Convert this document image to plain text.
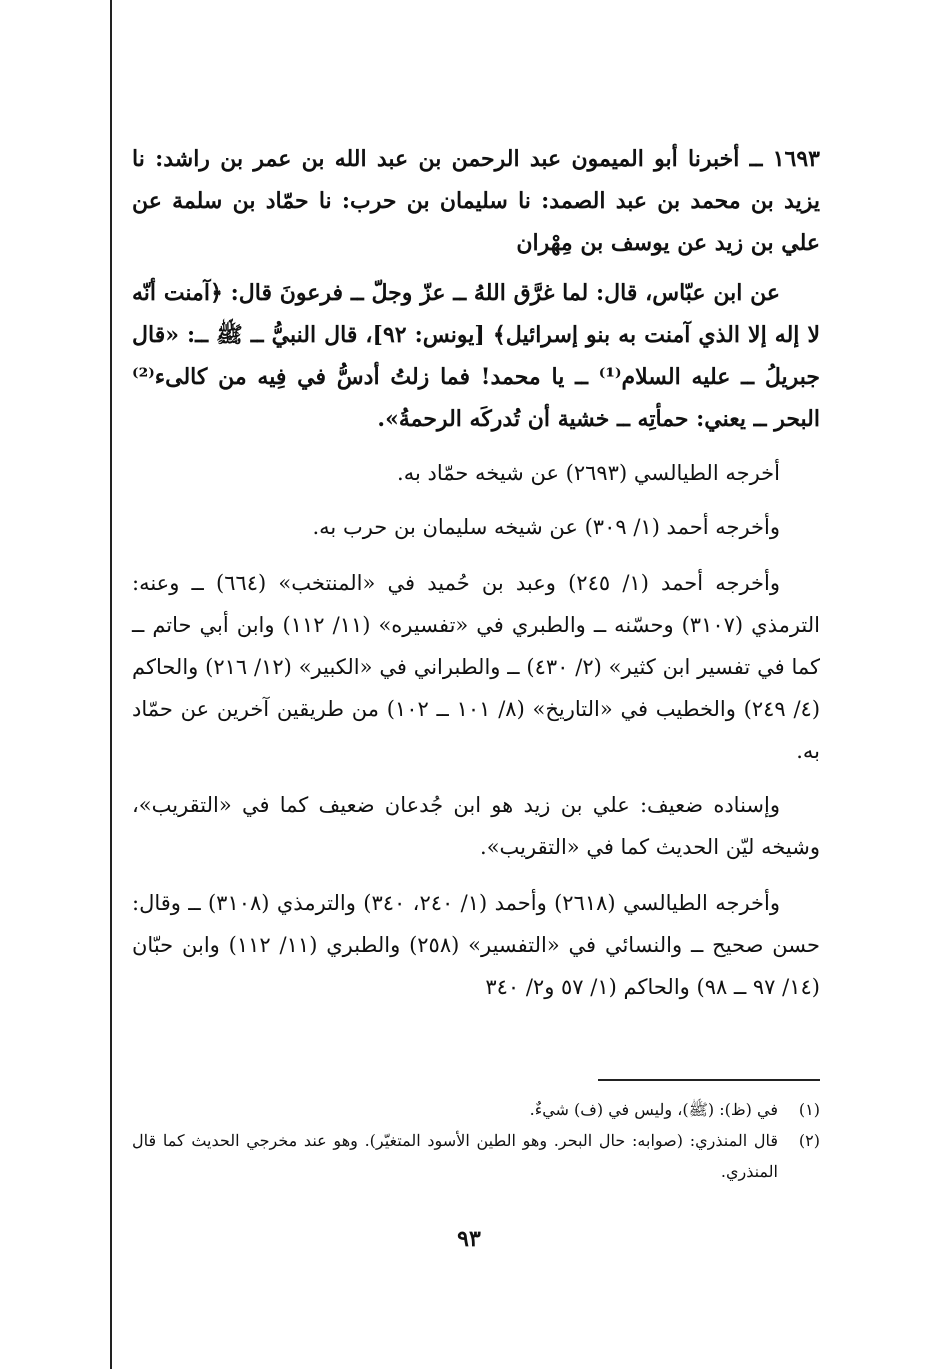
١٦٩٣ ــ أخبرنا أبو الميمون عبد الرحمن بن عبد الله بن عمر بن راشد: نا يزيد بن محمد بن عبد الصمد: نا سليمان بن حرب: نا حمّاد بن سلمة عن علي بن زيد عن يوسف بن مِهْران

عن ابن عبّاس، قال: لما غرَّق اللهُ ــ عزّ وجلّ ــ فرعونَ قال: ﴿آمنت أنّه لا إله إلا الذي آمنت به بنو إسرائيل﴾ [يونس: ٩٢]، قال النبيُّ ــ ﷺ ــ: «قال جبريلُ ــ عليه السلام⁽¹⁾ ــ يا محمد! فما زلتُ أدسُّ في فِيه من كالىء⁽²⁾ البحر ــ يعني: حمأتِه ــ خشية أن تُدركَه الرحمةُ».

أخرجه الطيالسي (٢٦٩٣) عن شيخه حمّاد به.

وأخرجه أحمد (١/ ٣٠٩) عن شيخه سليمان بن حرب به.

وأخرجه أحمد (١/ ٢٤٥) وعبد بن حُميد في «المنتخب» (٦٦٤) ــ وعنه: الترمذي (٣١٠٧) وحسّنه ــ والطبري في «تفسيره» (١١/ ١١٢) وابن أبي حاتم ــ كما في تفسير ابن كثير» (٢/ ٤٣٠) ــ والطبراني في «الكبير» (١٢/ ٢١٦) والحاكم (٤/ ٢٤٩) والخطيب في «التاريخ» (٨/ ١٠١ ــ ١٠٢) من طريقين آخرين عن حمّاد به.

وإسناده ضعيف: علي بن زيد هو ابن جُدعان ضعيف كما في «التقريب»، وشيخه ليّن الحديث كما في «التقريب».

وأخرجه الطيالسي (٢٦١٨) وأحمد (١/ ٢٤٠، ٣٤٠) والترمذي (٣١٠٨) ــ وقال: حسن صحيح ــ والنسائي في «التفسير» (٢٥٨) والطبري (١١/ ١١٢) وابن حبّان (١٤/ ٩٧ ــ ٩٨) والحاكم (١/ ٥٧ و٢/ ٣٤٠

(١)
في (ظ): (ﷺ)، وليس في (ف) شيءٌ.
(٢)
قال المنذري: (صوابه: حال البحر. وهو الطين الأسود المتغيّر). وهو عند مخرجي الحديث كما قال المنذري.
٩٣
